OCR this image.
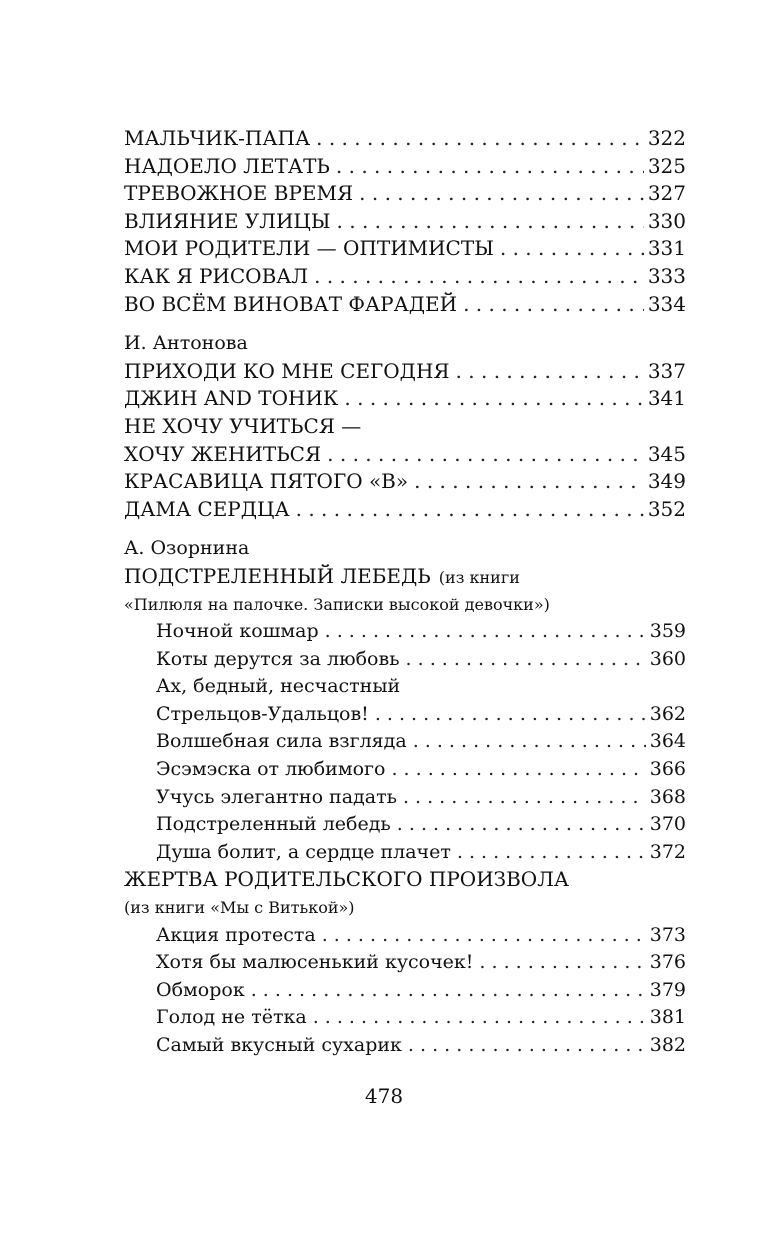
МАЛЬЧИК-ПАПА . . .	322
НАДОЕЛО ЛЕТАТЬ . . .	325
ТРЕВОЖНОЕ ВРЕМЯ . . .	327
ВЛИЯНИЕ УЛИЦЫ . . .	330
МОИ РОДИТЕЛИ — ОПТИМИСТЫ . . .	331
КАК Я РИСОВАЛ . . .	333
ВО ВСЁМ ВИНОВАТ ФАРАДЕЙ . . .	334
И. Антонова
ПРИХОДИ КО МНЕ СЕГОДНЯ . . .	337
ДЖИН AND ТОНИК . . .	341
НЕ ХОЧУ УЧИТЬСЯ —
ХОЧУ ЖЕНИТЬСЯ . . .	345
КРАСАВИЦА ПЯТОГО «В» . . .	349
ДАМА СЕРДЦА . . .	352
А. Озорнина
ПОДСТРЕЛЕННЫЙ ЛЕБЕДЬ (из книги
«Пилюля на палочке. Записки высокой девочки»)
Ночной кошмар . . .	359
Коты дерутся за любовь . . .	360
Ах, бедный, несчастный
Стрельцов-Удальцов! . . .	362
Волшебная сила взгляда . . .	364
Эсэмэска от любимого . . .	366
Учусь элегантно падать . . .	368
Подстреленный лебедь . . .	370
Душа болит, а сердце плачет . . .	372
ЖЕРТВА РОДИТЕЛЬСКОГО ПРОИЗВОЛА
(из книги «Мы с Витькой»)
Акция протеста . . .	373
Хотя бы малюсенький кусочек! . . .	376
Обморок . . .	379
Голод не тётка . . .	381
Самый вкусный сухарик . . .	382
478
